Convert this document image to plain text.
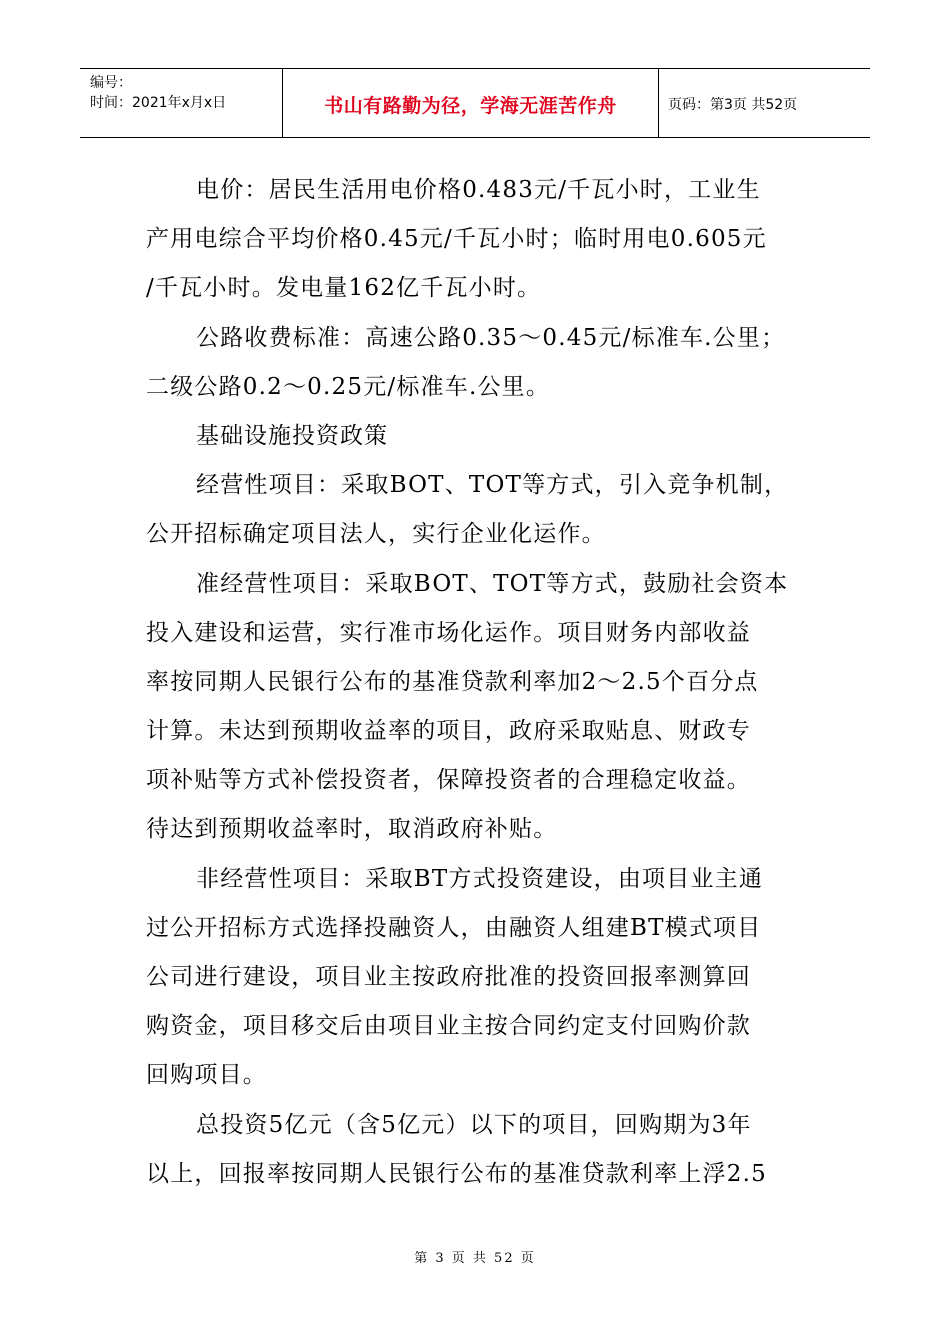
编号：
时间：2021年x月x日	书山有路勤为径，学海无涯苦作舟	页码：第3页 共52页
电价：居民生活用电价格0.483元/千瓦小时，工业生
产用电综合平均价格0.45元/千瓦小时；临时用电0.605元
/千瓦小时。发电量162亿千瓦小时。
公路收费标准：高速公路0.35～0.45元/标准车.公里；
二级公路0.2～0.25元/标准车.公里。
基础设施投资政策
经营性项目：采取BOT、TOT等方式，引入竞争机制，
公开招标确定项目法人，实行企业化运作。
准经营性项目：采取BOT、TOT等方式，鼓励社会资本
投入建设和运营，实行准市场化运作。项目财务内部收益
率按同期人民银行公布的基准贷款利率加2～2.5个百分点
计算。未达到预期收益率的项目，政府采取贴息、财政专
项补贴等方式补偿投资者，保障投资者的合理稳定收益。
待达到预期收益率时，取消政府补贴。
非经营性项目：采取BT方式投资建设，由项目业主通
过公开招标方式选择投融资人，由融资人组建BT模式项目
公司进行建设，项目业主按政府批准的投资回报率测算回
购资金，项目移交后由项目业主按合同约定支付回购价款
回购项目。
总投资5亿元（含5亿元）以下的项目，回购期为3年
以上，回报率按同期人民银行公布的基准贷款利率上浮2.5
第 3 页 共 52 页
